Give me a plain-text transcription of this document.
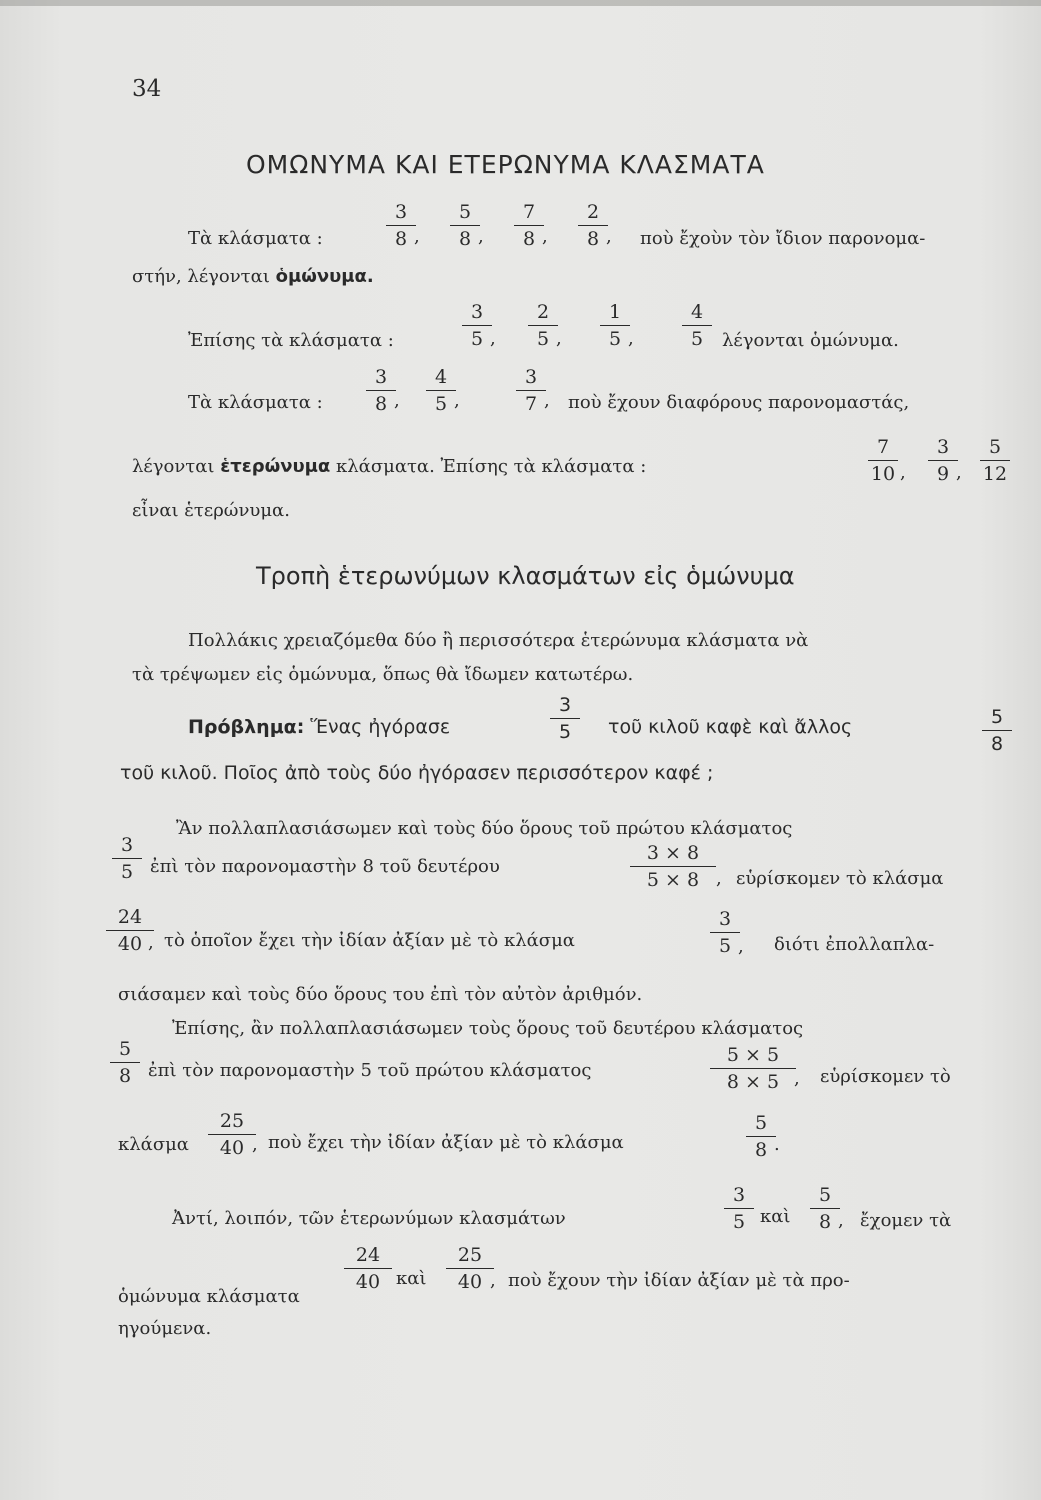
34
ΟΜΩΝΥΜΑ ΚΑΙ ΕΤΕΡΩΝΥΜΑ ΚΛΑΣΜΑΤΑ
Τὰ κλάσματα :
3
8 ,
5
8 ,
7
8 ,
2
8 , ποὺ ἔχοὺν τὸν ἴδιον παρονομα-
στήν, λέγονται ὁμώνυμα.
Ἐπίσης τὰ κλάσματα :
3
5 ,
2
5 ,
1
5 ,
4
5	λέγονται ὁμώνυμα.
Τὰ κλάσματα :
3
8 ,
4
5 ,
3
7 , ποὺ ἔχουν διαφόρους παρονομαστάς,
λέγονται ἑτερώνυμα κλάσματα. Ἐπίσης τὰ κλάσματα :
7
10 ,
3
9 ,
5
12
εἶναι ἑτερώνυμα.
Τροπὴ ἑτερωνύμων κλασμάτων εἰς ὁμώνυμα
Πολλάκις χρειαζόμεθα δύο ἢ περισσότερα ἑτερώνυμα κλάσματα νὰ
τὰ τρέψωμεν εἰς ὁμώνυμα, ὅπως θὰ ἴδωμεν κατωτέρω.
Πρόβλημα: Ἕνας ἠγόρασε
3
5	τοῦ κιλοῦ καφὲ καὶ ἄλλος	5
8
τοῦ κιλοῦ. Ποῖος ἀπὸ τοὺς δύο ἠγόρασεν περισσότερον καφέ ;
Ἂν πολλαπλασιάσωμεν καὶ τοὺς δύο ὅρους τοῦ πρώτου κλάσματος
3
5 ἐπὶ τὸν παρονομαστὴν 8 τοῦ δευτέρου
3 × 8
5 × 8 , εὑρίσκομεν τὸ κλάσμα
24
40 , τὸ ὁποῖον ἔχει τὴν ἰδίαν ἀξίαν μὲ τὸ κλάσμα
3
5 , διότι ἐπολλαπλα-
σιάσαμεν καὶ τοὺς δύο ὅρους του ἐπὶ τὸν αὐτὸν ἀριθμόν.
Ἐπίσης, ἂν πολλαπλασιάσωμεν τοὺς ὅρους τοῦ δευτέρου κλάσματος
5
8 ἐπὶ τὸν παρονομαστὴν 5 τοῦ πρώτου κλάσματος
5 × 5
8 × 5 , εὑρίσκομεν τὸ
κλάσμα
25
40 , ποὺ ἔχει τὴν ἰδίαν ἀξίαν μὲ τὸ κλάσμα
5
8 .
Ἀντί, λοιπόν, τῶν ἑτερωνύμων κλασμάτων
3
5 καὶ
5
8 , ἔχομεν τὰ
ὁμώνυμα κλάσματα
24
40 καὶ
25
40 , ποὺ ἔχουν τὴν ἰδίαν ἀξίαν μὲ τὰ προ-
ηγούμενα.
